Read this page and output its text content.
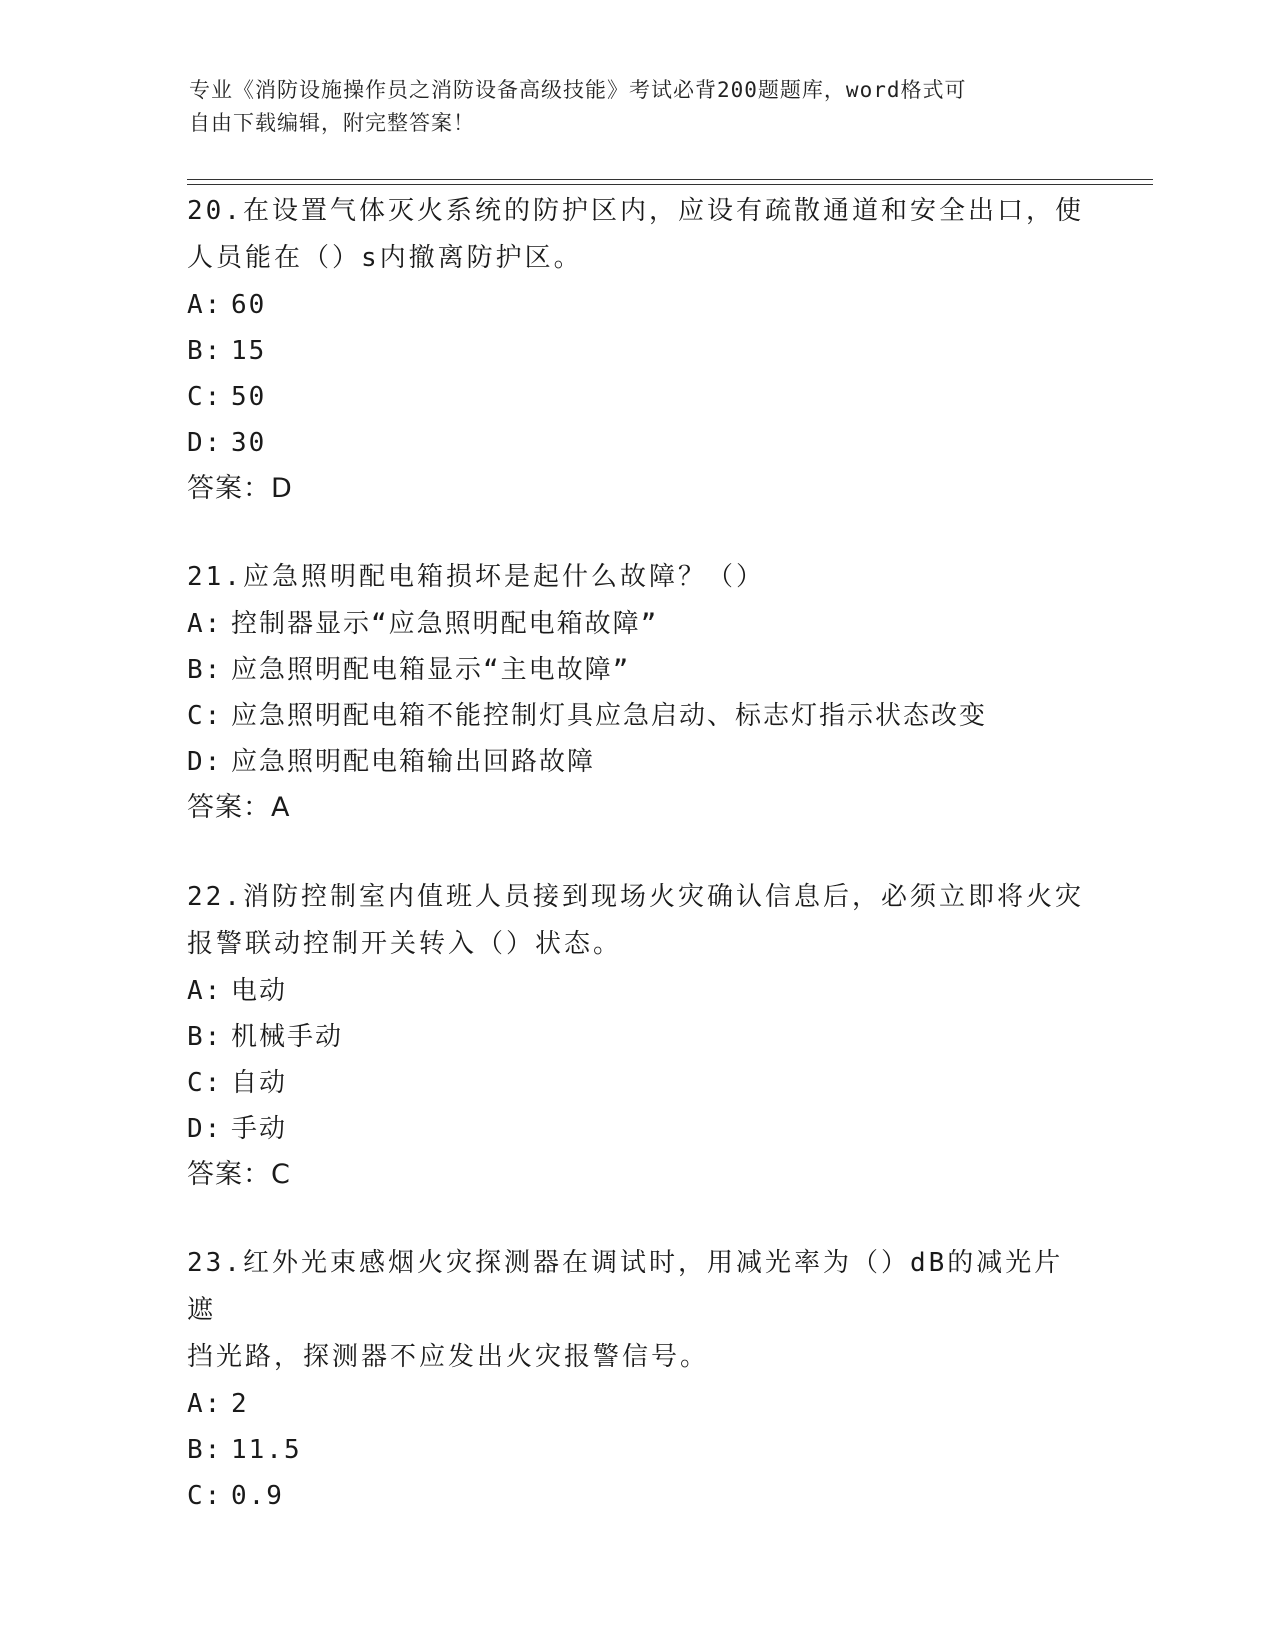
专业《消防设施操作员之消防设备高级技能》考试必背200题题库，word格式可
自由下载编辑，附完整答案！

20.在设置气体灭火系统的防护区内，应设有疏散通道和安全出口，使

人员能在（）s内撤离防护区。

A: 60

B: 15

C: 50

D: 30

答案：D

21.应急照明配电箱损坏是起什么故障？（）

A: 控制器显示“应急照明配电箱故障”

B: 应急照明配电箱显示“主电故障”

C: 应急照明配电箱不能控制灯具应急启动、标志灯指示状态改变

D: 应急照明配电箱输出回路故障

答案：A

22.消防控制室内值班人员接到现场火灾确认信息后，必须立即将火灾

报警联动控制开关转入（）状态。

A: 电动

B: 机械手动

C: 自动

D: 手动

答案：C

23.红外光束感烟火灾探测器在调试时，用减光率为（）dB的减光片遮

挡光路，探测器不应发出火灾报警信号。

A: 2

B: 11.5

C: 0.9
